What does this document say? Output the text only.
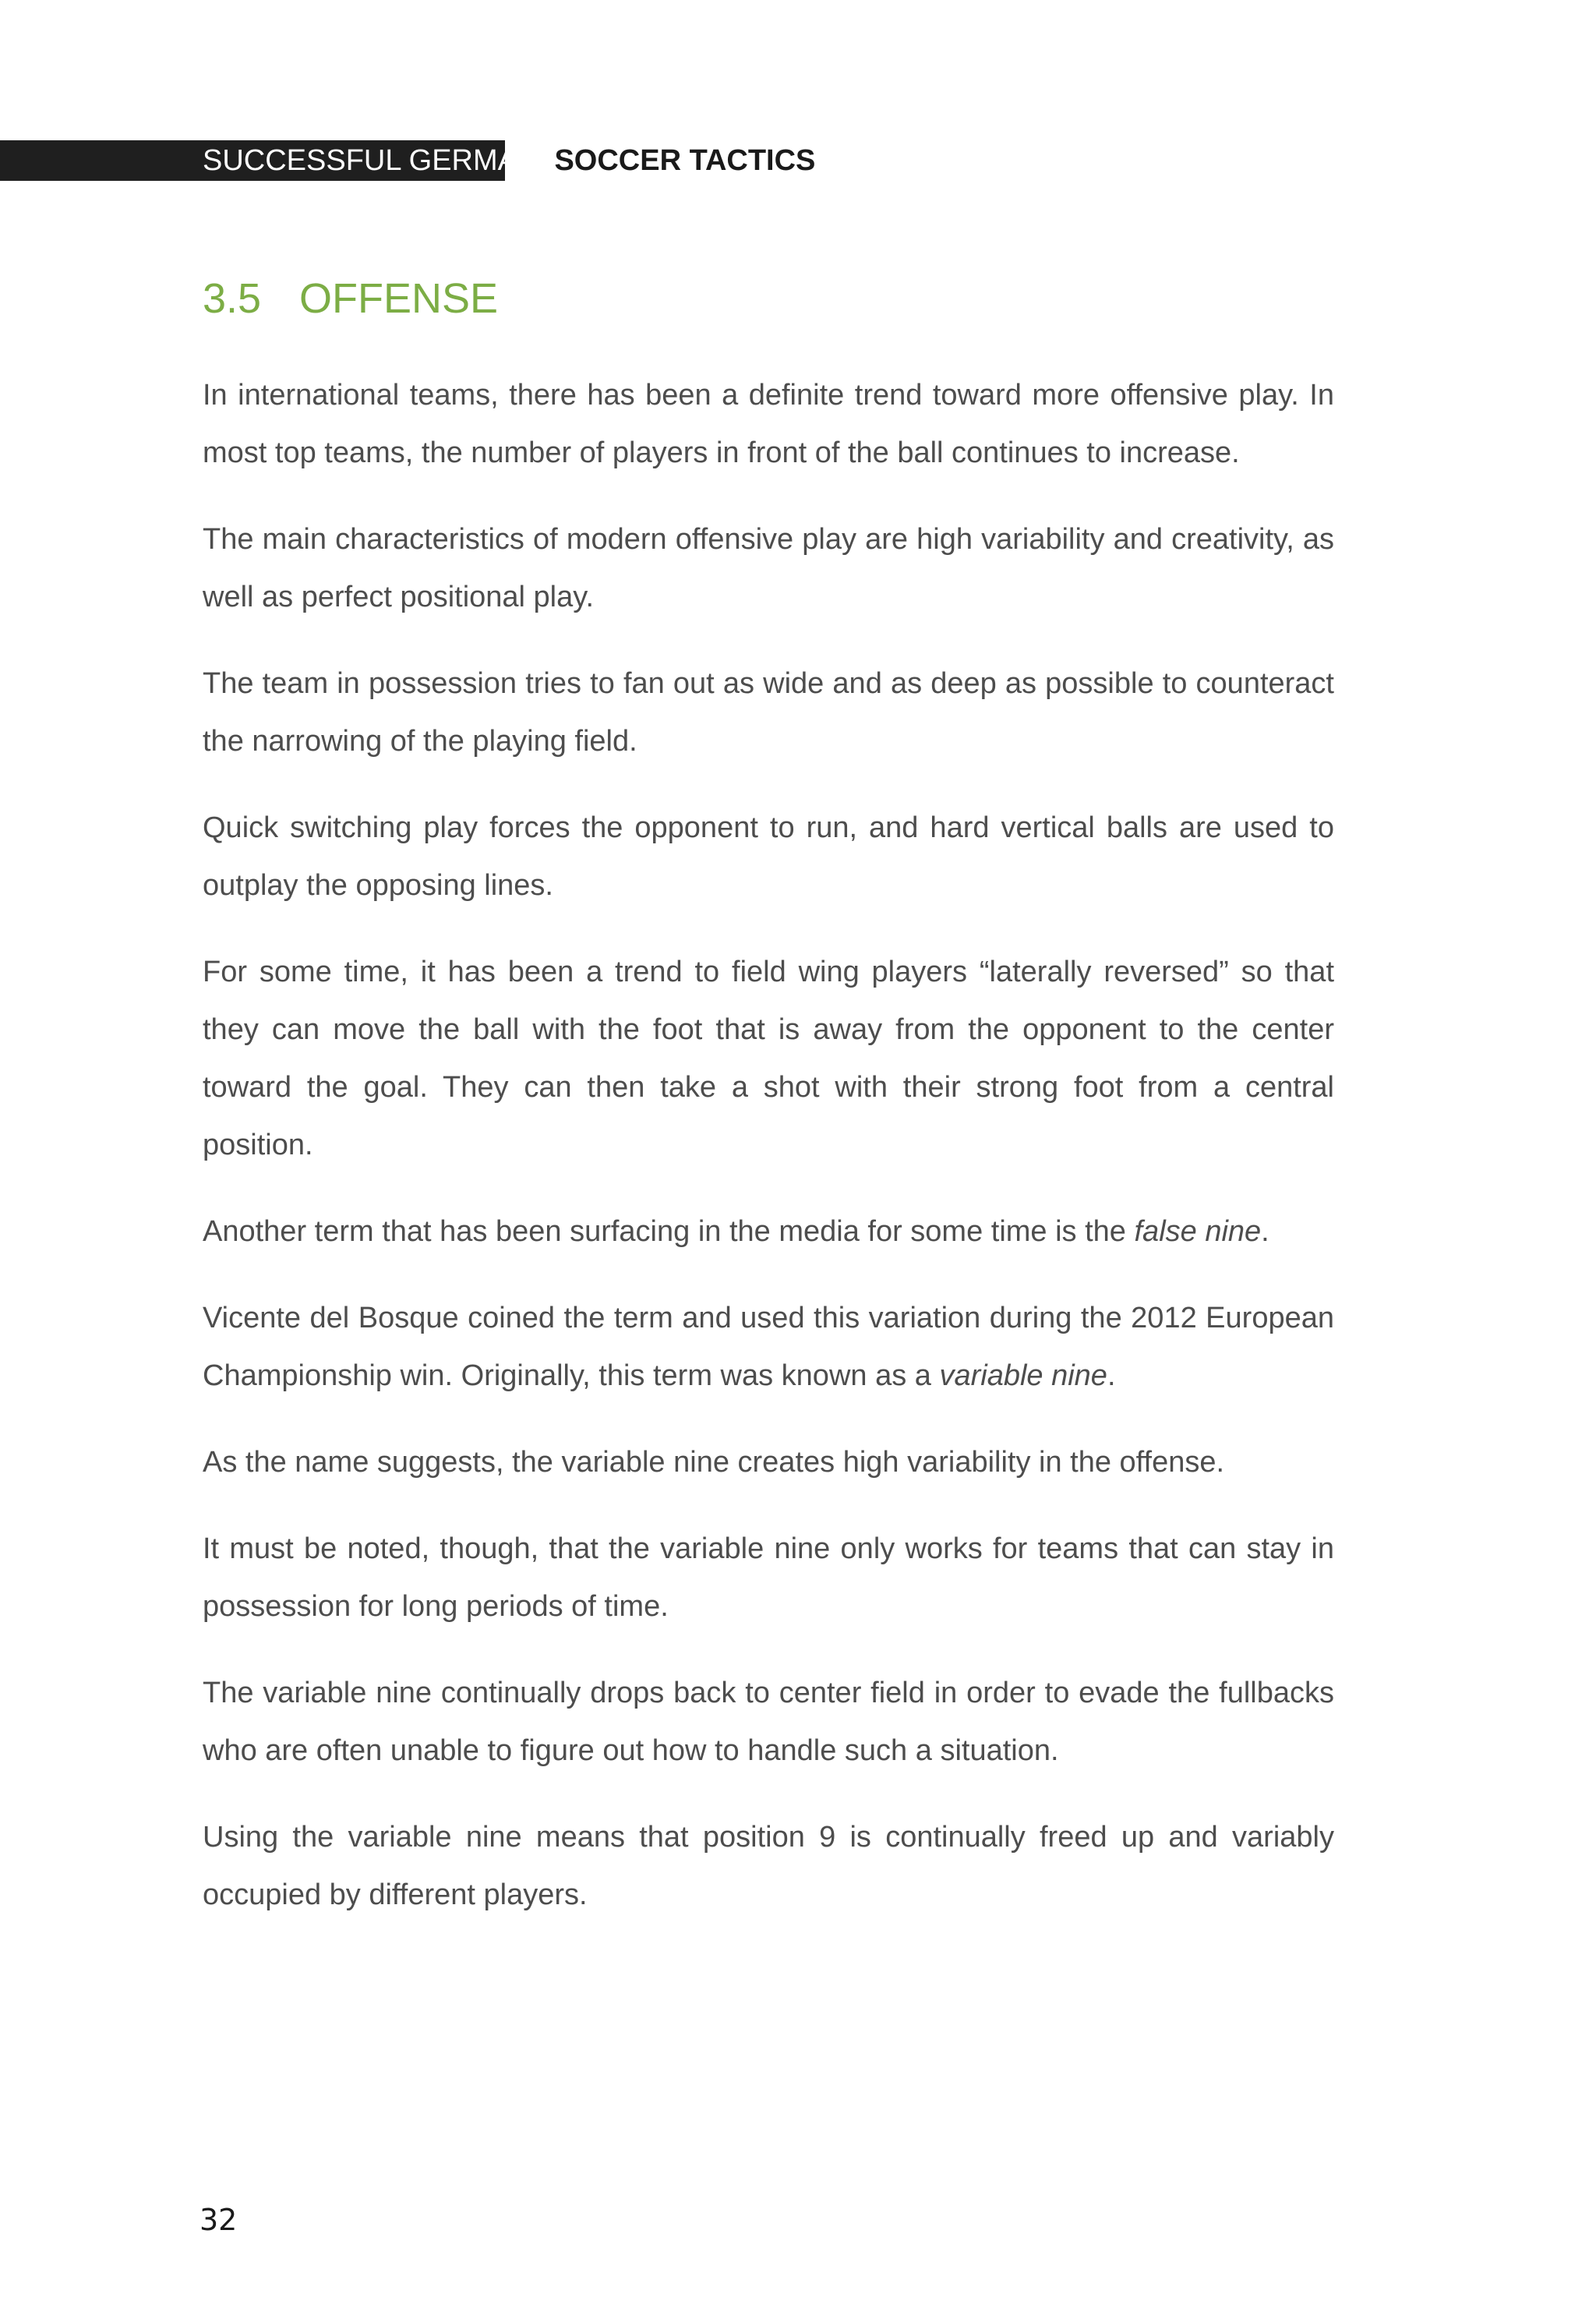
SUCCESSFUL GERMAN SOCCER TACTICS
3.5 OFFENSE

In international teams, there has been a definite trend toward more offensive play. In most top teams, the number of players in front of the ball continues to increase.

The main characteristics of modern offensive play are high variability and creativity, as well as perfect positional play.

The team in possession tries to fan out as wide and as deep as possible to counteract the narrowing of the playing field.

Quick switching play forces the opponent to run, and hard vertical balls are used to outplay the opposing lines.

For some time, it has been a trend to field wing players “laterally reversed” so that they can move the ball with the foot that is away from the opponent to the center toward the goal. They can then take a shot with their strong foot from a central position.

Another term that has been surfacing in the media for some time is the false nine.

Vicente del Bosque coined the term and used this variation during the 2012 European Championship win. Originally, this term was known as a variable nine.

As the name suggests, the variable nine creates high variability in the offense.

It must be noted, though, that the variable nine only works for teams that can stay in possession for long periods of time.

The variable nine continually drops back to center field in order to evade the fullbacks who are often unable to figure out how to handle such a situation.

Using the variable nine means that position 9 is continually freed up and variably occupied by different players.

32
